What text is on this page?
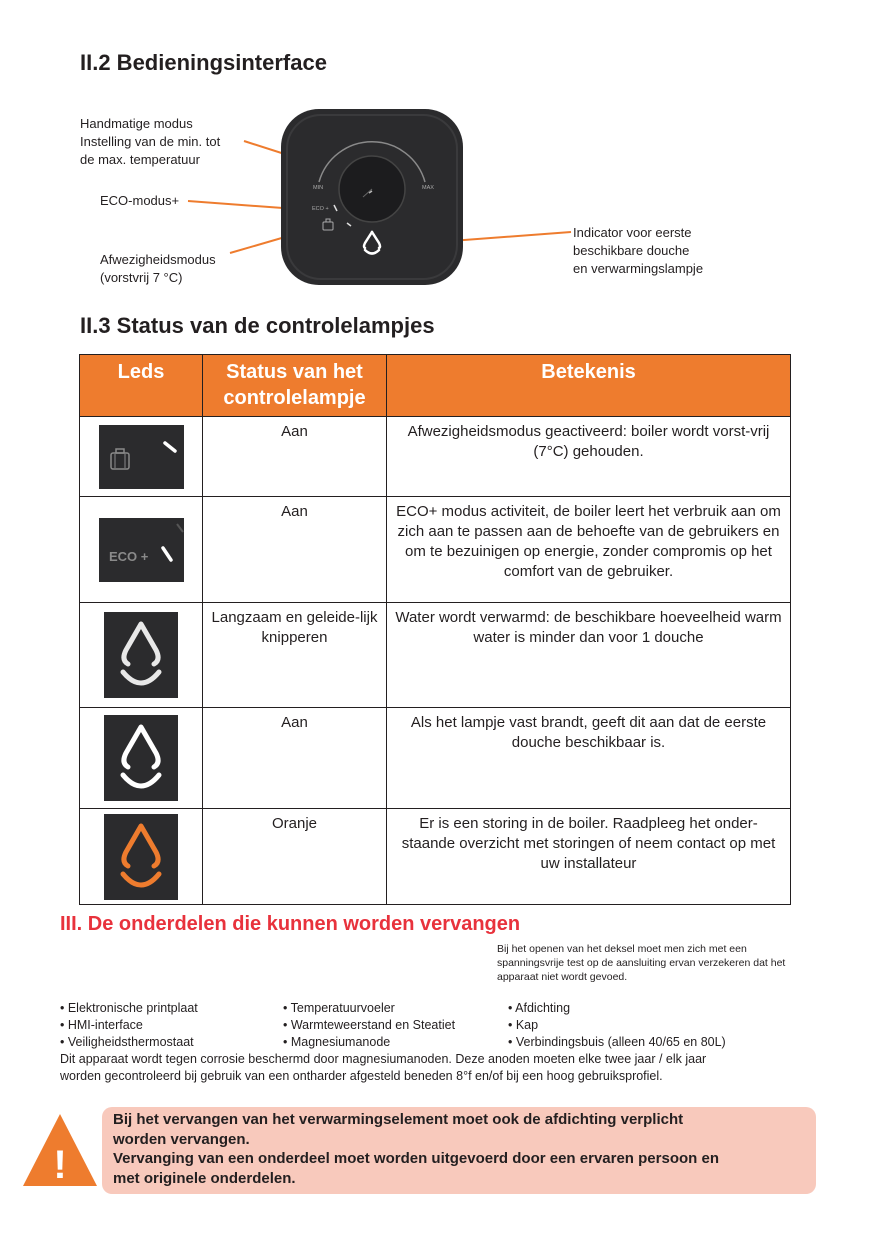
II.2 Bedieningsinterface
Handmatige modus
Instelling van de min. tot
de max. temperatuur
ECO-modus+
Afwezigheidsmodus
(vorstvrij 7 °C)
Indicator voor eerste
beschikbare douche
en verwarmingslampje
MIN	MAX
ECO +
II.3 Status van de controlelampjes
Leds	Status van het controlelampje	Betekenis

	Aan	Afwezigheidsmodus geactiveerd: boiler wordt vorst-vrij (7°C) gehouden.

ECO +	Aan	ECO+ modus activiteit, de boiler leert het verbruik aan om zich aan te passen aan de behoefte van de gebruikers en om te bezuinigen op energie, zonder compromis op het comfort van de gebruiker.

	Langzaam en geleide-lijk knipperen	Water wordt verwarmd: de beschikbare hoeveelheid warm water is minder dan voor 1 douche

	Aan	Als het lampje vast brandt, geeft dit aan dat de eerste douche beschikbaar is.

	Oranje	Er is een storing in de boiler. Raadpleeg het onder-staande overzicht met storingen of neem contact op met uw installateur
III. De onderdelen die kunnen worden vervangen
Bij het openen van het deksel moet men zich met een
spanningsvrije test op de aansluiting ervan verzekeren dat het
apparaat niet wordt gevoed.
• Elektronische printplaat
• HMI-interface
• Veiligheidsthermostaat
• Temperatuurvoeler
• Warmteweerstand en Steatiet
• Magnesiumanode
• Afdichting
• Kap
• Verbindingsbuis (alleen 40/65 en 80L)
Dit apparaat wordt tegen corrosie beschermd door magnesiumanoden. Deze anoden moeten elke twee jaar / elk jaar
worden gecontroleerd bij gebruik van een ontharder afgesteld beneden 8°f en/of bij een hoog gebruiksprofiel.
!
Bij het vervangen van het verwarmingselement moet ook de afdichting verplicht
worden vervangen.
Vervanging van een onderdeel moet worden uitgevoerd door een ervaren persoon en
met originele onderdelen.
